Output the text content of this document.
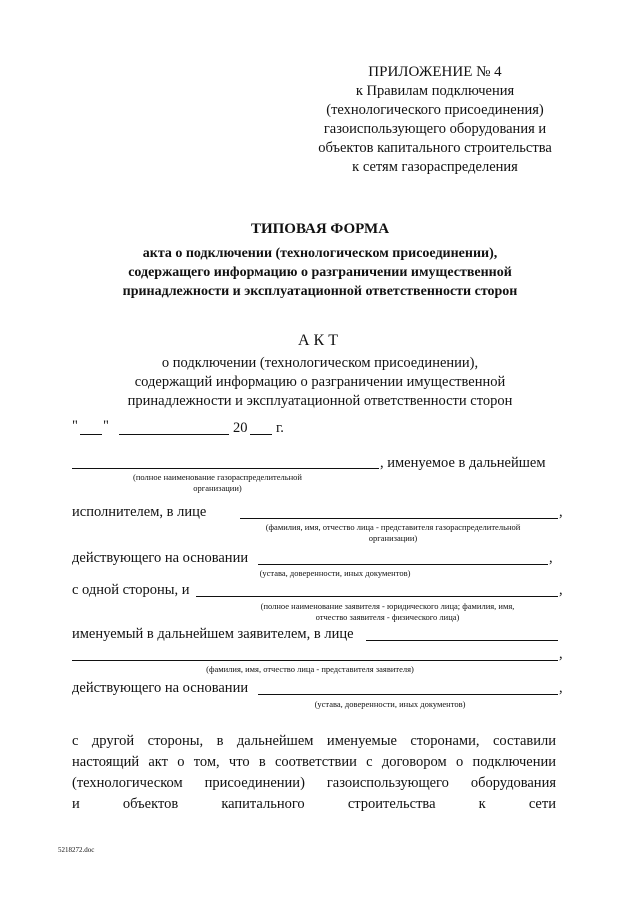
ПРИЛОЖЕНИЕ № 4
к Правилам подключения
(технологического присоединения)
газоиспользующего оборудования и
объектов капитального строительства
к сетям газораспределения
ТИПОВАЯ ФОРМА
акта о подключении (технологическом присоединении),
содержащего информацию о разграничении имущественной
принадлежности и эксплуатационной ответственности сторон
АКТ
о подключении (технологическом присоединении),
содержащий информацию о разграничении имущественной
принадлежности и эксплуатационной ответственности сторон
" "	20 г.
, именуемое в дальнейшем
(полное наименование газораспределительной
организации)
исполнителем, в лице	,
(фамилия, имя, отчество лица - представителя газораспределительной
организации)
действующего на основании	,
(устава, доверенности, иных документов)
с одной стороны, и	,
(полное наименование заявителя - юридического лица; фамилия, имя,
отчество заявителя - физического лица)
именуемый в дальнейшем заявителем, в лице
,
(фамилия, имя, отчество лица - представителя заявителя)
действующего на основании	,
(устава, доверенности, иных документов)
с другой стороны, в дальнейшем именуемые сторонами, составили
настоящий акт о том, что в соответствии с договором о подключении
(технологическом присоединении) газоиспользующего оборудования
и	объектов	капитального	строительства	к	сети
5218272.doc
